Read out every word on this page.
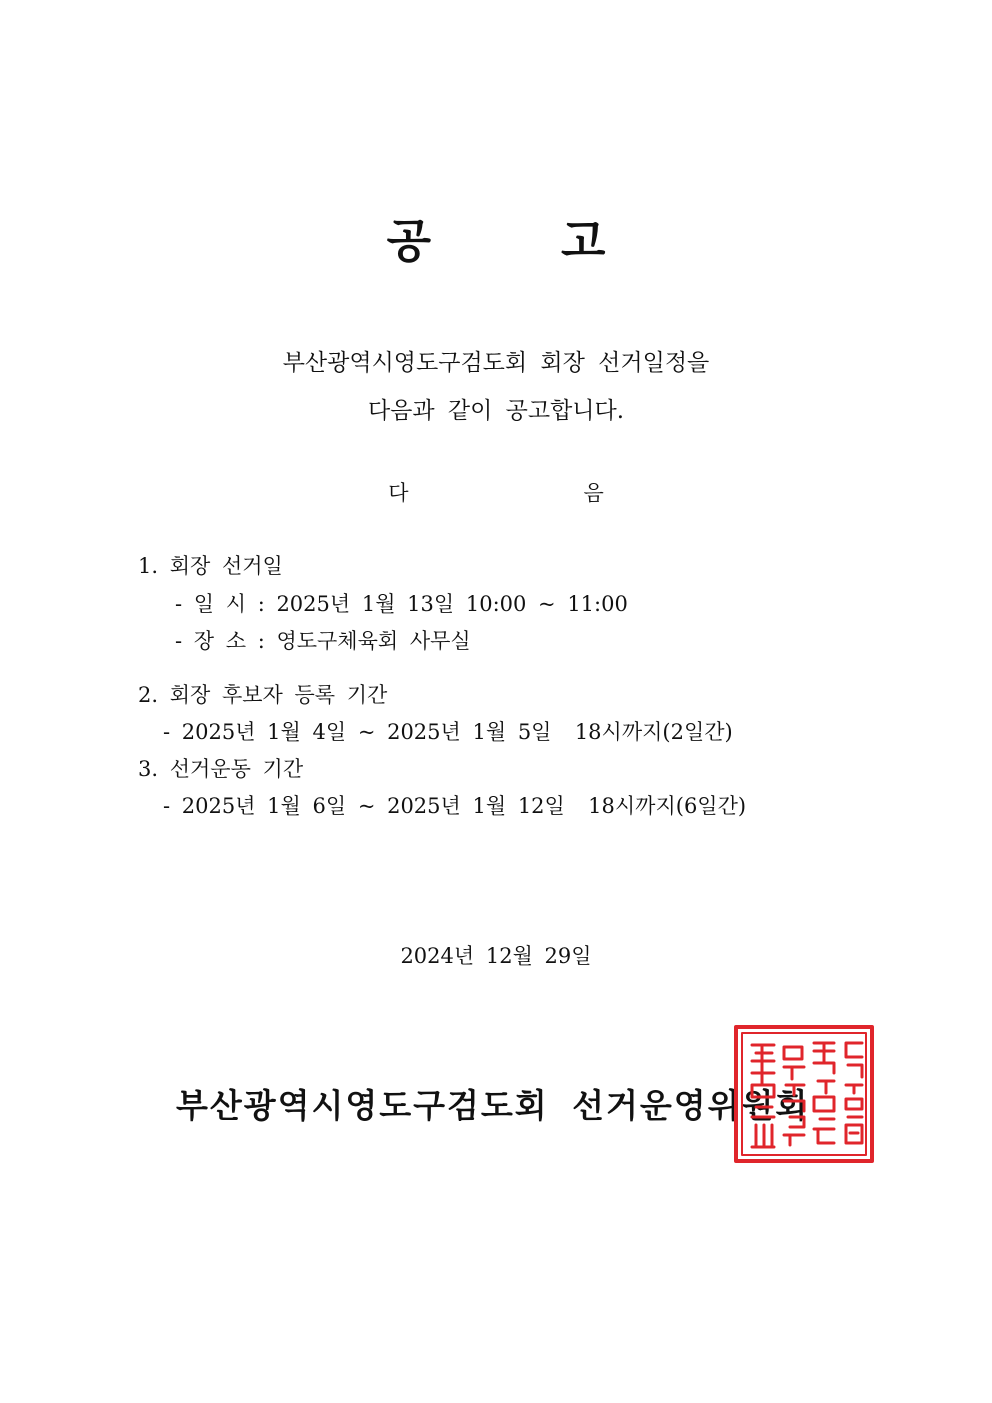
공	고
부산광역시영도구검도회 회장 선거일정을
다음과 같이 공고합니다.
다	음
1. 회장 선거일
- 일 시 : 2025년 1월 13일 10:00 ~ 11:00
- 장 소 : 영도구체육회 사무실
2. 회장 후보자 등록 기간
- 2025년 1월 4일 ~ 2025년 1월 5일  18시까지(2일간)
3. 선거운동 기간
- 2025년 1월 6일 ~ 2025년 1월 12일  18시까지(6일간)
2024년 12월 29일
부산광역시영도구검도회 선거운영위원회
